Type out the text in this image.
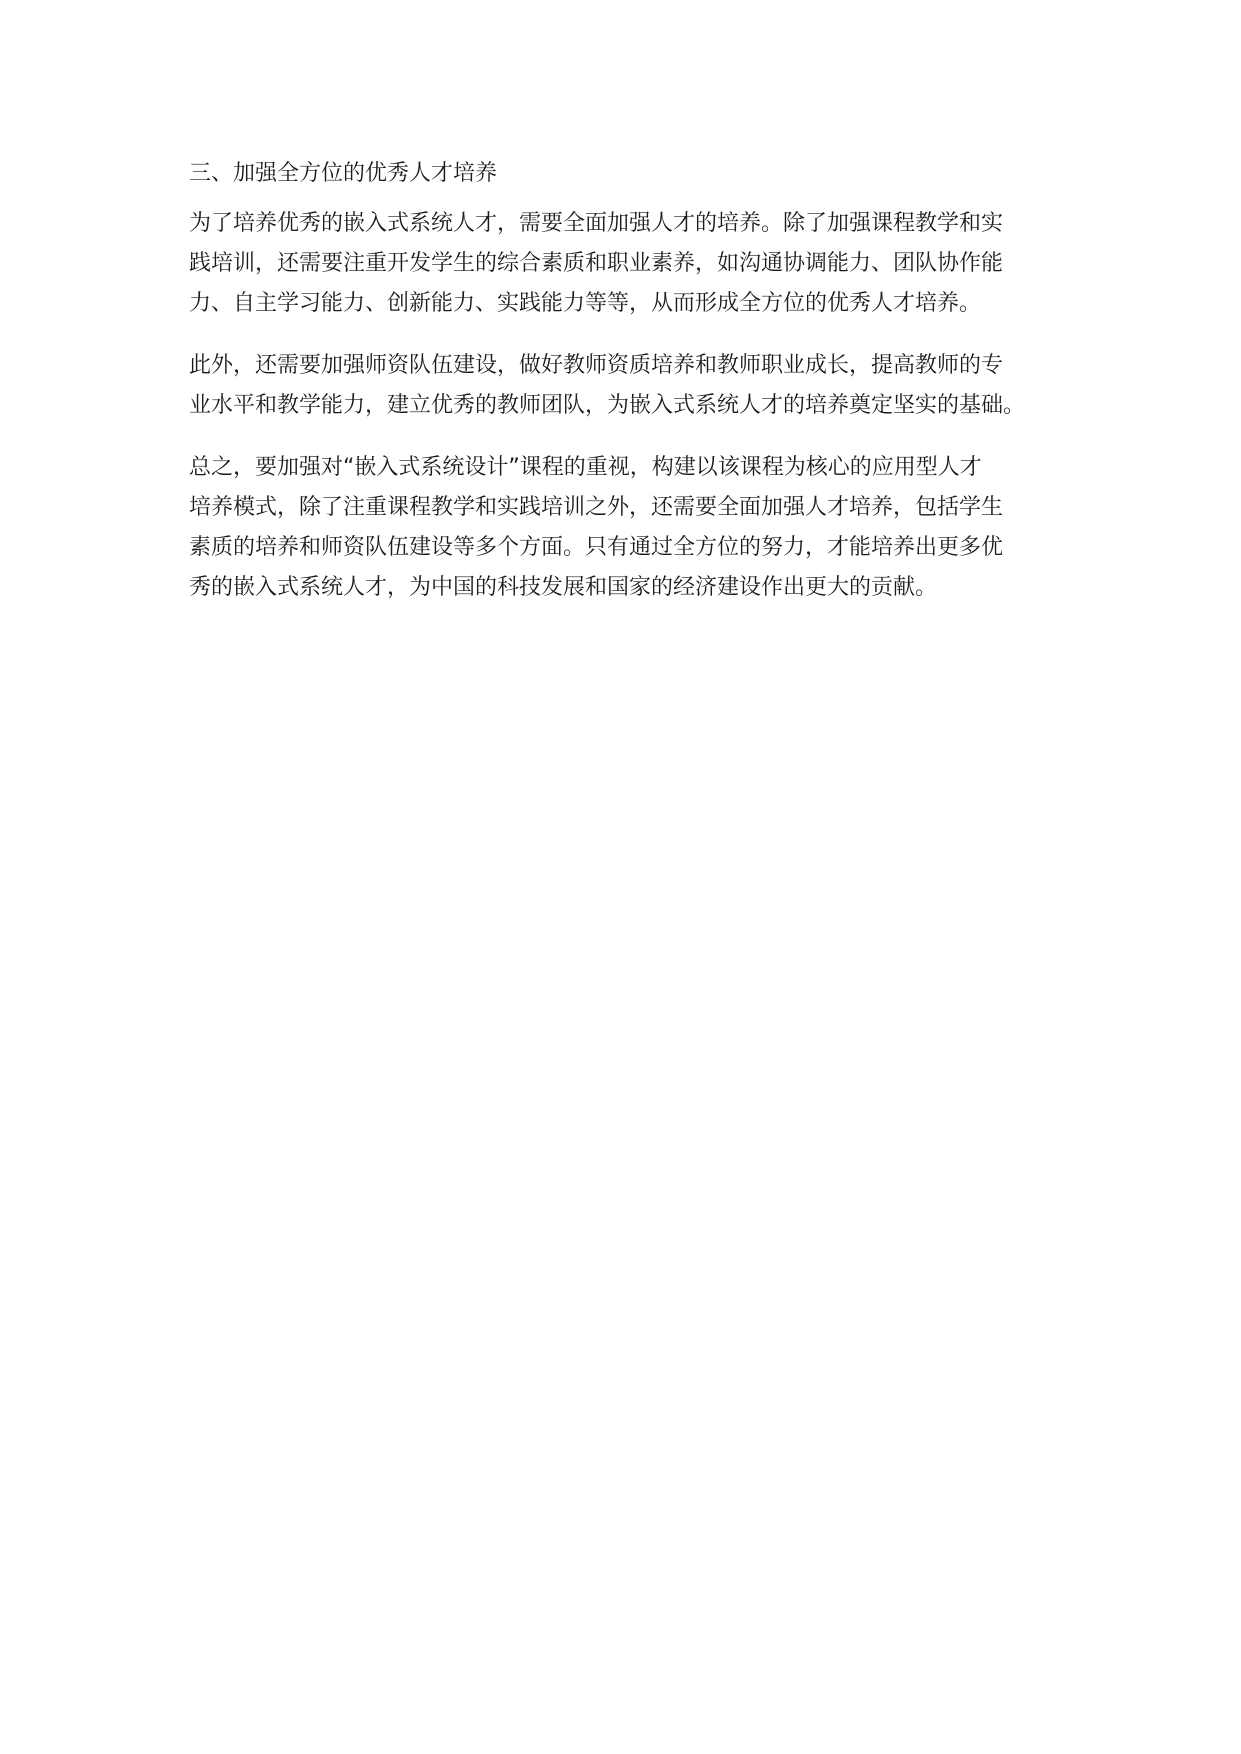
三、加强全方位的优秀人才培养
为了培养优秀的嵌入式系统人才，需要全面加强人才的培养。除了加强课程教学和实
践培训，还需要注重开发学生的综合素质和职业素养，如沟通协调能力、团队协作能
力、自主学习能力、创新能力、实践能力等等，从而形成全方位的优秀人才培养。
此外，还需要加强师资队伍建设，做好教师资质培养和教师职业成长，提高教师的专
业水平和教学能力，建立优秀的教师团队，为嵌入式系统人才的培养奠定坚实的基础。
总之，要加强对“嵌入式系统设计”课程的重视，构建以该课程为核心的应用型人才
培养模式，除了注重课程教学和实践培训之外，还需要全面加强人才培养，包括学生
素质的培养和师资队伍建设等多个方面。只有通过全方位的努力，才能培养出更多优
秀的嵌入式系统人才，为中国的科技发展和国家的经济建设作出更大的贡献。
